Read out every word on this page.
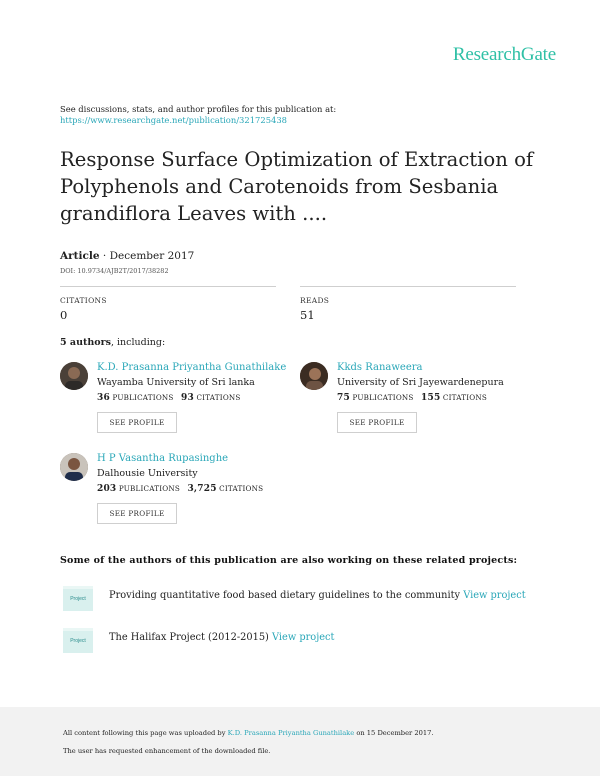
ResearchGate
See discussions, stats, and author profiles for this publication at:
https://www.researchgate.net/publication/321725438
Response Surface Optimization of Extraction of Polyphenols and Carotenoids from Sesbania grandiflora Leaves with ....
Article · December 2017
DOI: 10.9734/AJB2T/2017/38282
CITATIONS
0
READS
51
5 authors, including:
K.D. Prasanna Priyantha Gunathilake
Wayamba University of Sri lanka
36 PUBLICATIONS 93 CITATIONS
SEE PROFILE
Kkds Ranaweera
University of Sri Jayewardenepura
75 PUBLICATIONS 155 CITATIONS
SEE PROFILE
H P Vasantha Rupasinghe
Dalhousie University
203 PUBLICATIONS 3,725 CITATIONS
SEE PROFILE
Some of the authors of this publication are also working on these related projects:
Project	Providing quantitative food based dietary guidelines to the community View project
Project	The Halifax Project (2012-2015) View project
All content following this page was uploaded by K.D. Prasanna Priyantha Gunathilake on 15 December 2017.
The user has requested enhancement of the downloaded file.
